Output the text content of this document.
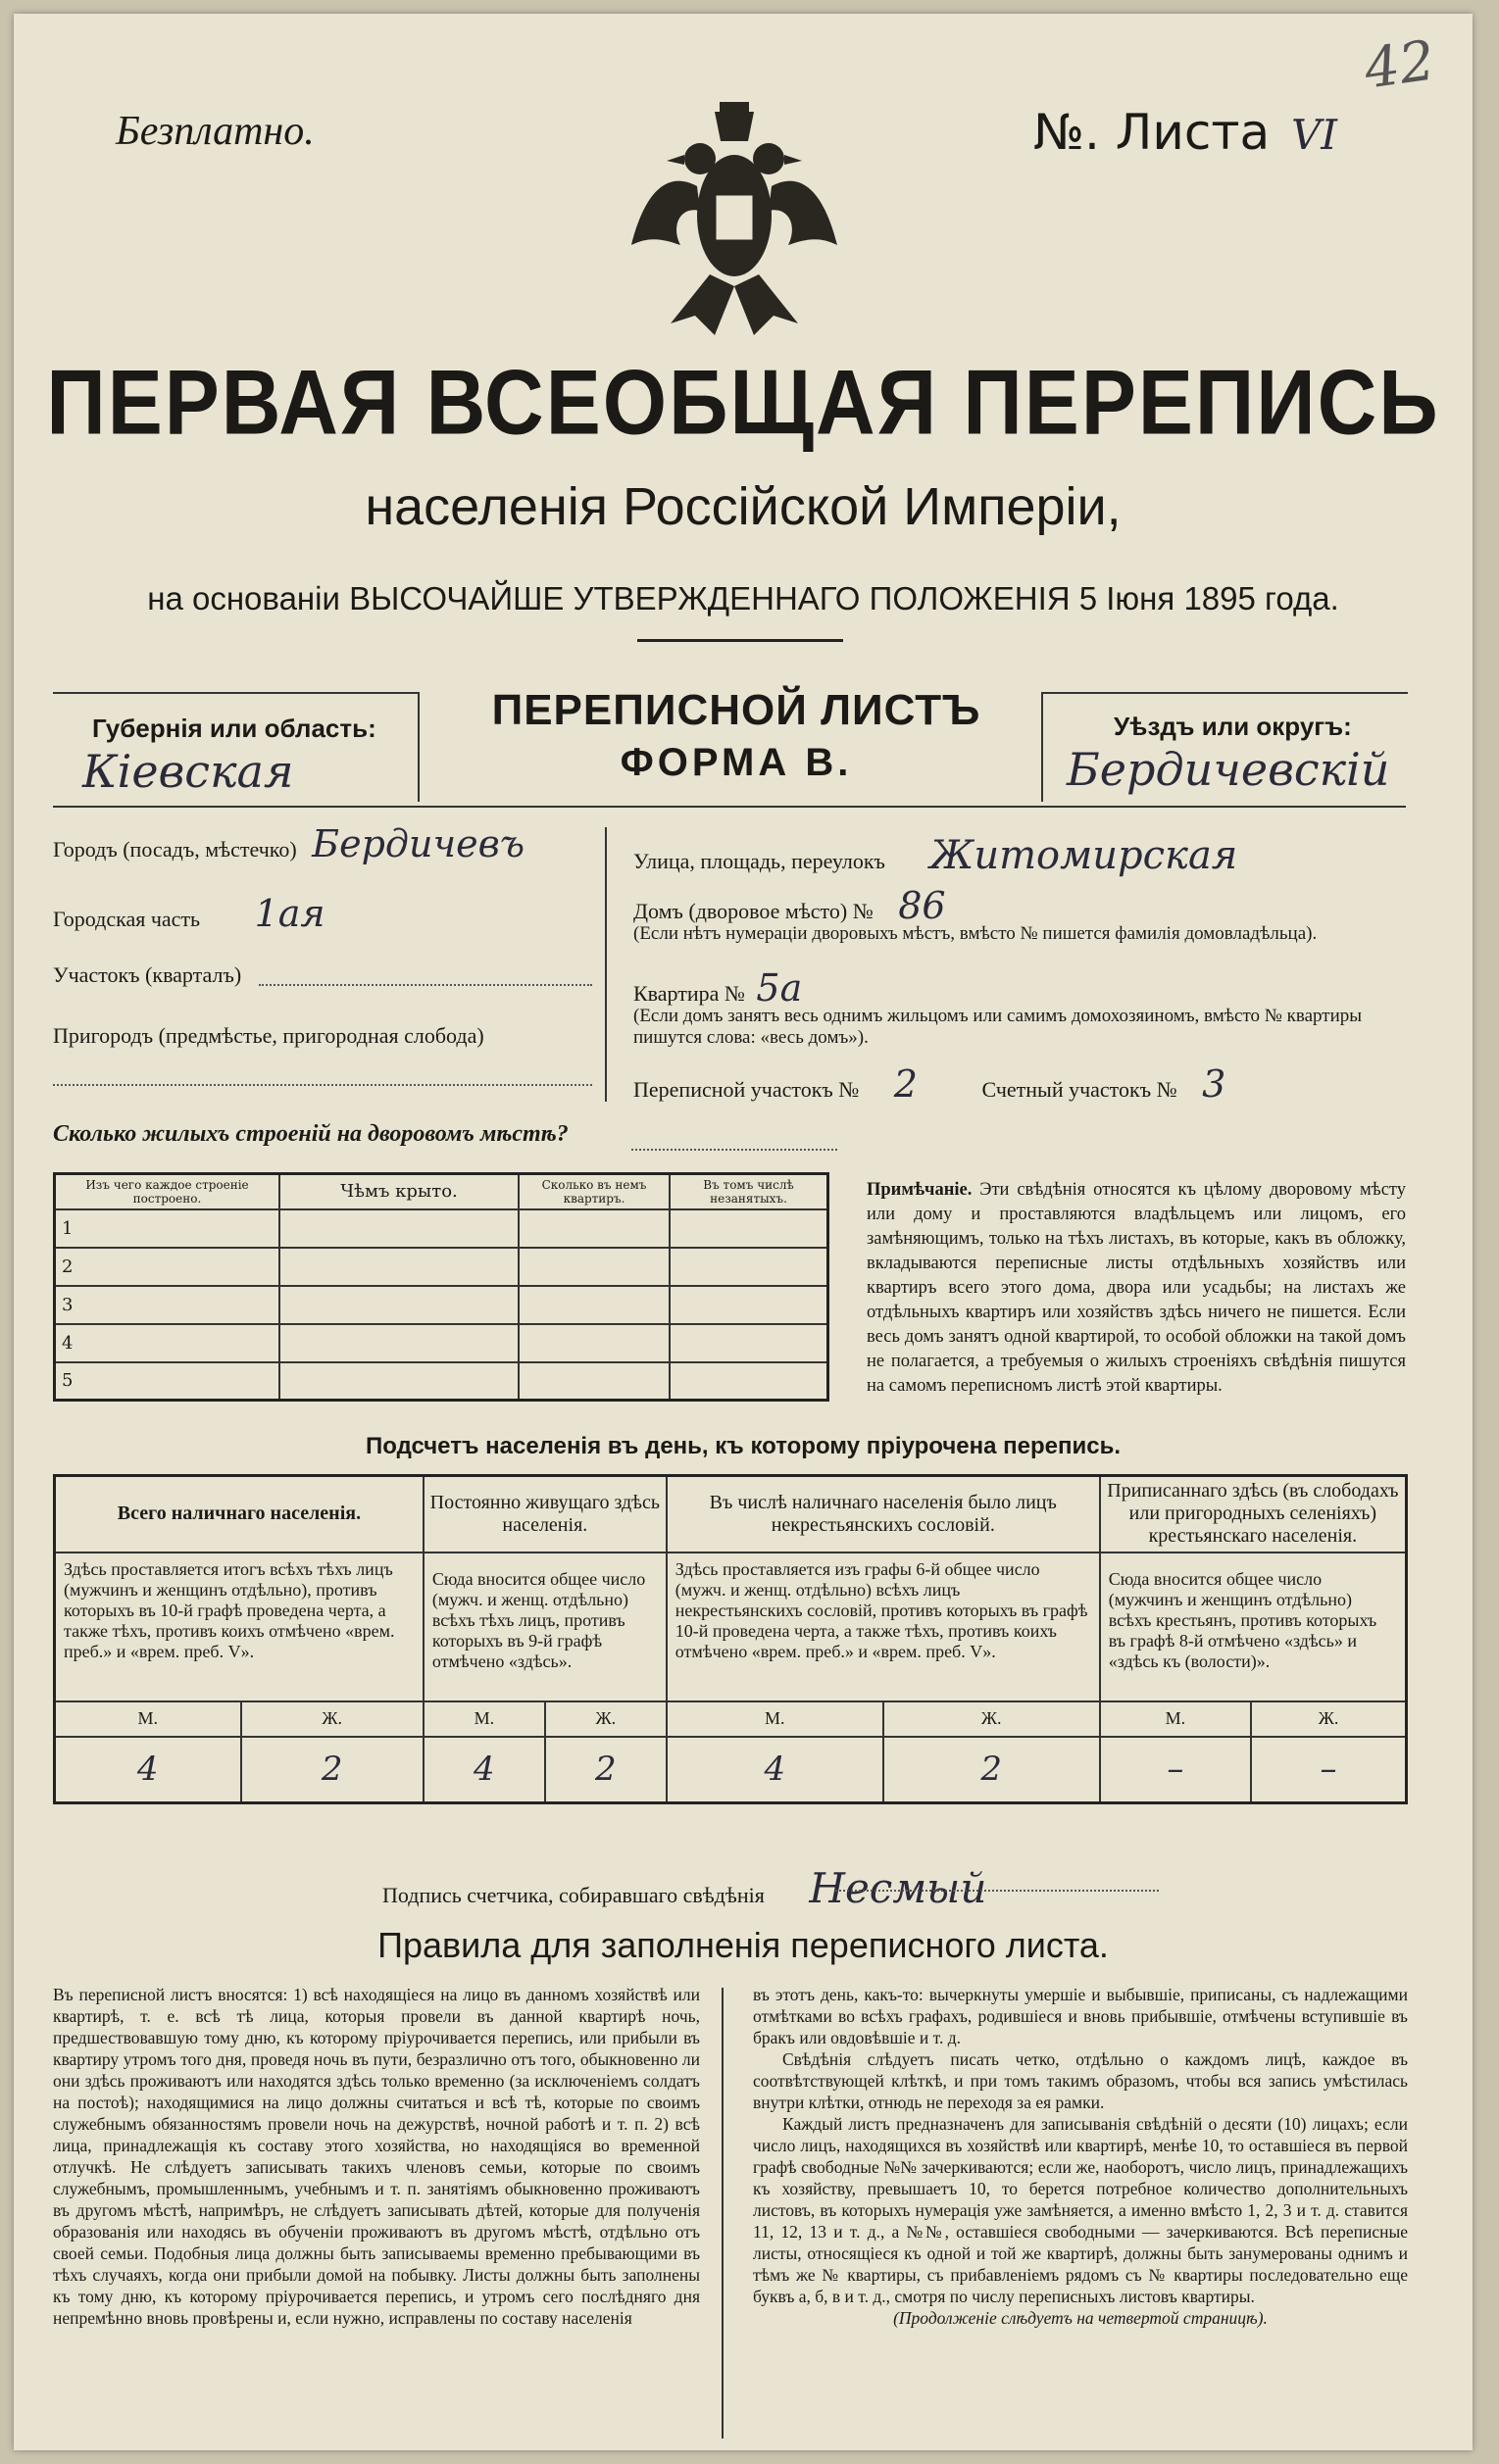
Безплатно.	№. Листа VI
42
ПЕРВАЯ ВСЕОБЩАЯ ПЕРЕПИСЬ
населенія Россійской Имперіи,
на основаніи ВЫСОЧАЙШЕ УТВЕРЖДЕННАГО ПОЛОЖЕНІЯ 5 Іюня 1895 года.
Губернія или область:
Кіевская
ПЕРЕПИСНОЙ ЛИСТЪ
ФОРМА В.
Уѣздъ или округъ:
Бердичевскій
Городъ (посадъ, мѣстечко) Бердичевъ
Городская часть 1ая
Участокъ (кварталъ)
Пригородъ (предмѣстье, пригородная слобода)
Улица, площадь, переулокъ Житомирская
Домъ (дворовое мѣсто) № 86
(Если нѣтъ нумераціи дворовыхъ мѣстъ, вмѣсто № пишется фамилія домовладѣльца).
Квартира № 5а
(Если домъ занятъ весь однимъ жильцомъ или самимъ домохозяиномъ, вмѣсто № квартиры пишутся слова: «весь домъ»).
Переписной участокъ № 2	Счетный участокъ № 3
Сколько жилыхъ строеній на дворовомъ мѣстѣ?
Изъ чего каждое строеніе построено.	Чѣмъ крыто.	Сколько въ немъ квартиръ.	Въ томъ числѣ незанятыхъ.
1			
2			
3			
4			
5			
Примѣчаніе. Эти свѣдѣнія относятся къ цѣлому дворовому мѣсту или дому и проставляются владѣльцемъ или лицомъ, его замѣняющимъ, только на тѣхъ листахъ, въ которые, какъ въ обложку, вкладываются переписные листы отдѣльныхъ хозяйствъ или квартиръ всего этого дома, двора или усадьбы; на листахъ же отдѣльныхъ квартиръ или хозяйствъ здѣсь ничего не пишется. Если весь домъ занятъ одной квартирой, то особой обложки на такой домъ не полагается, а требуемыя о жилыхъ строеніяхъ свѣдѣнія пишутся на самомъ переписномъ листѣ этой квартиры.
Подсчетъ населенія въ день, къ которому пріурочена перепись.
Всего наличнаго населенія.		Постоянно живущаго здѣсь населенія.		Въ числѣ наличнаго населенія было лицъ некрестьянскихъ сословій.		Приписаннаго здѣсь (въ слободахъ или пригородныхъ селеніяхъ) крестьянскаго населенія.	
Здѣсь проставляется итогъ всѣхъ тѣхъ лицъ (мужчинъ и женщинъ отдѣльно), противъ которыхъ въ 10-й графѣ проведена черта, а также тѣхъ, противъ коихъ отмѣчено «врем. преб.» и «врем. преб. V».		Сюда вносится общее число (мужч. и женщ. отдѣльно) всѣхъ тѣхъ лицъ, противъ которыхъ въ 9-й графѣ отмѣчено «здѣсь».		Здѣсь проставляется изъ графы 6-й общее число (мужч. и женщ. отдѣльно) всѣхъ лицъ некрестьянскихъ сословій, противъ которыхъ въ графѣ 10-й проведена черта, а также тѣхъ, противъ коихъ отмѣчено «врем. преб.» и «врем. преб. V».		Сюда вносится общее число (мужчинъ и женщинъ отдѣльно) всѣхъ крестьянъ, противъ которыхъ въ графѣ 8-й отмѣчено «здѣсь» и «здѣсь къ (волости)».	
М.	Ж.	М.	Ж.	М.	Ж.	М.	Ж.
4	2	4	2	4	2	–	–
Подпись счетчика, собиравшаго свѣдѣнія Несмый
Правила для заполненія переписного листа.
Въ переписной листъ вносятся: 1) всѣ находящіеся на лицо въ данномъ хозяйствѣ или квартирѣ, т. е. всѣ тѣ лица, которыя провели въ данной квартирѣ ночь, предшествовавшую тому дню, къ которому пріурочивается перепись, или прибыли въ квартиру утромъ того дня, проведя ночь въ пути, безразлично отъ того, обыкновенно ли они здѣсь проживаютъ или находятся здѣсь только временно (за исключеніемъ солдатъ на постоѣ); находящимися на лицо должны считаться и всѣ тѣ, которые по своимъ служебнымъ обязанностямъ провели ночь на дежурствѣ, ночной работѣ и т. п. 2) всѣ лица, принадлежащія къ составу этого хозяйства, но находящіяся во временной отлучкѣ. Не слѣдуетъ записывать такихъ членовъ семьи, которые по своимъ служебнымъ, промышленнымъ, учебнымъ и т. п. занятіямъ обыкновенно проживаютъ въ другомъ мѣстѣ, напримѣръ, не слѣдуетъ записывать дѣтей, которые для полученія образованія или находясь въ обученіи проживаютъ въ другомъ мѣстѣ, отдѣльно отъ своей семьи. Подобныя лица должны быть записываемы временно пребывающими въ тѣхъ случаяхъ, когда они прибыли домой на побывку. Листы должны быть заполнены къ тому дню, къ которому пріурочивается перепись, и утромъ сего послѣдняго дня непремѣнно вновь провѣрены и, если нужно, исправлены по составу населенія
въ этотъ день, какъ-то: вычеркнуты умершіе и выбывшіе, приписаны, съ надлежащими отмѣтками во всѣхъ графахъ, родившіеся и вновь прибывшіе, отмѣчены вступившіе въ бракъ или овдовѣвшіе и т. д.
Свѣдѣнія слѣдуетъ писать четко, отдѣльно о каждомъ лицѣ, каждое въ соотвѣтствующей клѣткѣ, и при томъ такимъ образомъ, чтобы вся запись умѣстилась внутри клѣтки, отнюдь не переходя за ея рамки.
Каждый листъ предназначенъ для записыванія свѣдѣній о десяти (10) лицахъ; если число лицъ, находящихся въ хозяйствѣ или квартирѣ, менѣе 10, то оставшіеся въ первой графѣ свободные №№ зачеркиваются; если же, наоборотъ, число лицъ, принадлежащихъ къ хозяйству, превышаетъ 10, то берется потребное количество дополнительныхъ листовъ, въ которыхъ нумерація уже замѣняется, а именно вмѣсто 1, 2, 3 и т. д. ставится 11, 12, 13 и т. д., а №№, оставшіеся свободными — зачеркиваются. Всѣ переписные листы, относящіеся къ одной и той же квартирѣ, должны быть занумерованы однимъ и тѣмъ же № квартиры, съ прибавленіемъ рядомъ съ № квартиры последовательно еще буквъ а, б, в и т. д., смотря по числу переписныхъ листовъ квартиры.
(Продолженіе слѣдуетъ на четвертой страницѣ).
